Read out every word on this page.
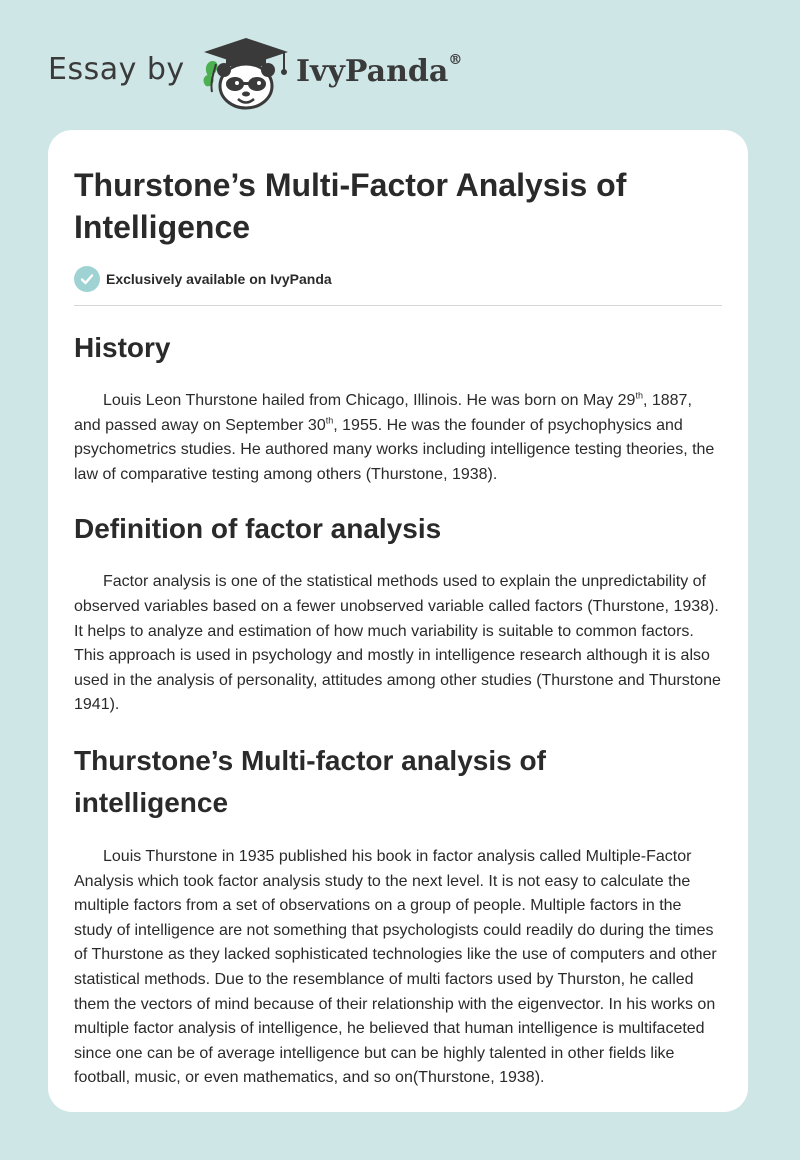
Essay by	IvyPanda®
Thurstone’s Multi-Factor Analysis of Intelligence
Exclusively available on IvyPanda
History

Louis Leon Thurstone hailed from Chicago, Illinois. He was born on May 29th, 1887, and passed away on September 30th, 1955. He was the founder of psychophysics and psychometrics studies. He authored many works including intelligence testing theories, the law of comparative testing among others (Thurstone, 1938).

Definition of factor analysis

Factor analysis is one of the statistical methods used to explain the unpredictability of observed variables based on a fewer unobserved variable called factors (Thurstone, 1938). It helps to analyze and estimation of how much variability is suitable to common factors. This approach is used in psychology and mostly in intelligence research although it is also used in the analysis of personality, attitudes among other studies (Thurstone and Thurstone 1941).

Thurstone’s Multi-factor analysis of intelligence

Louis Thurstone in 1935 published his book in factor analysis called Multiple-Factor Analysis which took factor analysis study to the next level. It is not easy to calculate the multiple factors from a set of observations on a group of people. Multiple factors in the study of intelligence are not something that psychologists could readily do during the times of Thurstone as they lacked sophisticated technologies like the use of computers and other statistical methods. Due to the resemblance of multi factors used by Thurston, he called them the vectors of mind because of their relationship with the eigenvector. In his works on multiple factor analysis of intelligence, he believed that human intelligence is multifaceted since one can be of average intelligence but can be highly talented in other fields like football, music, or even mathematics, and so on(Thurstone, 1938).
